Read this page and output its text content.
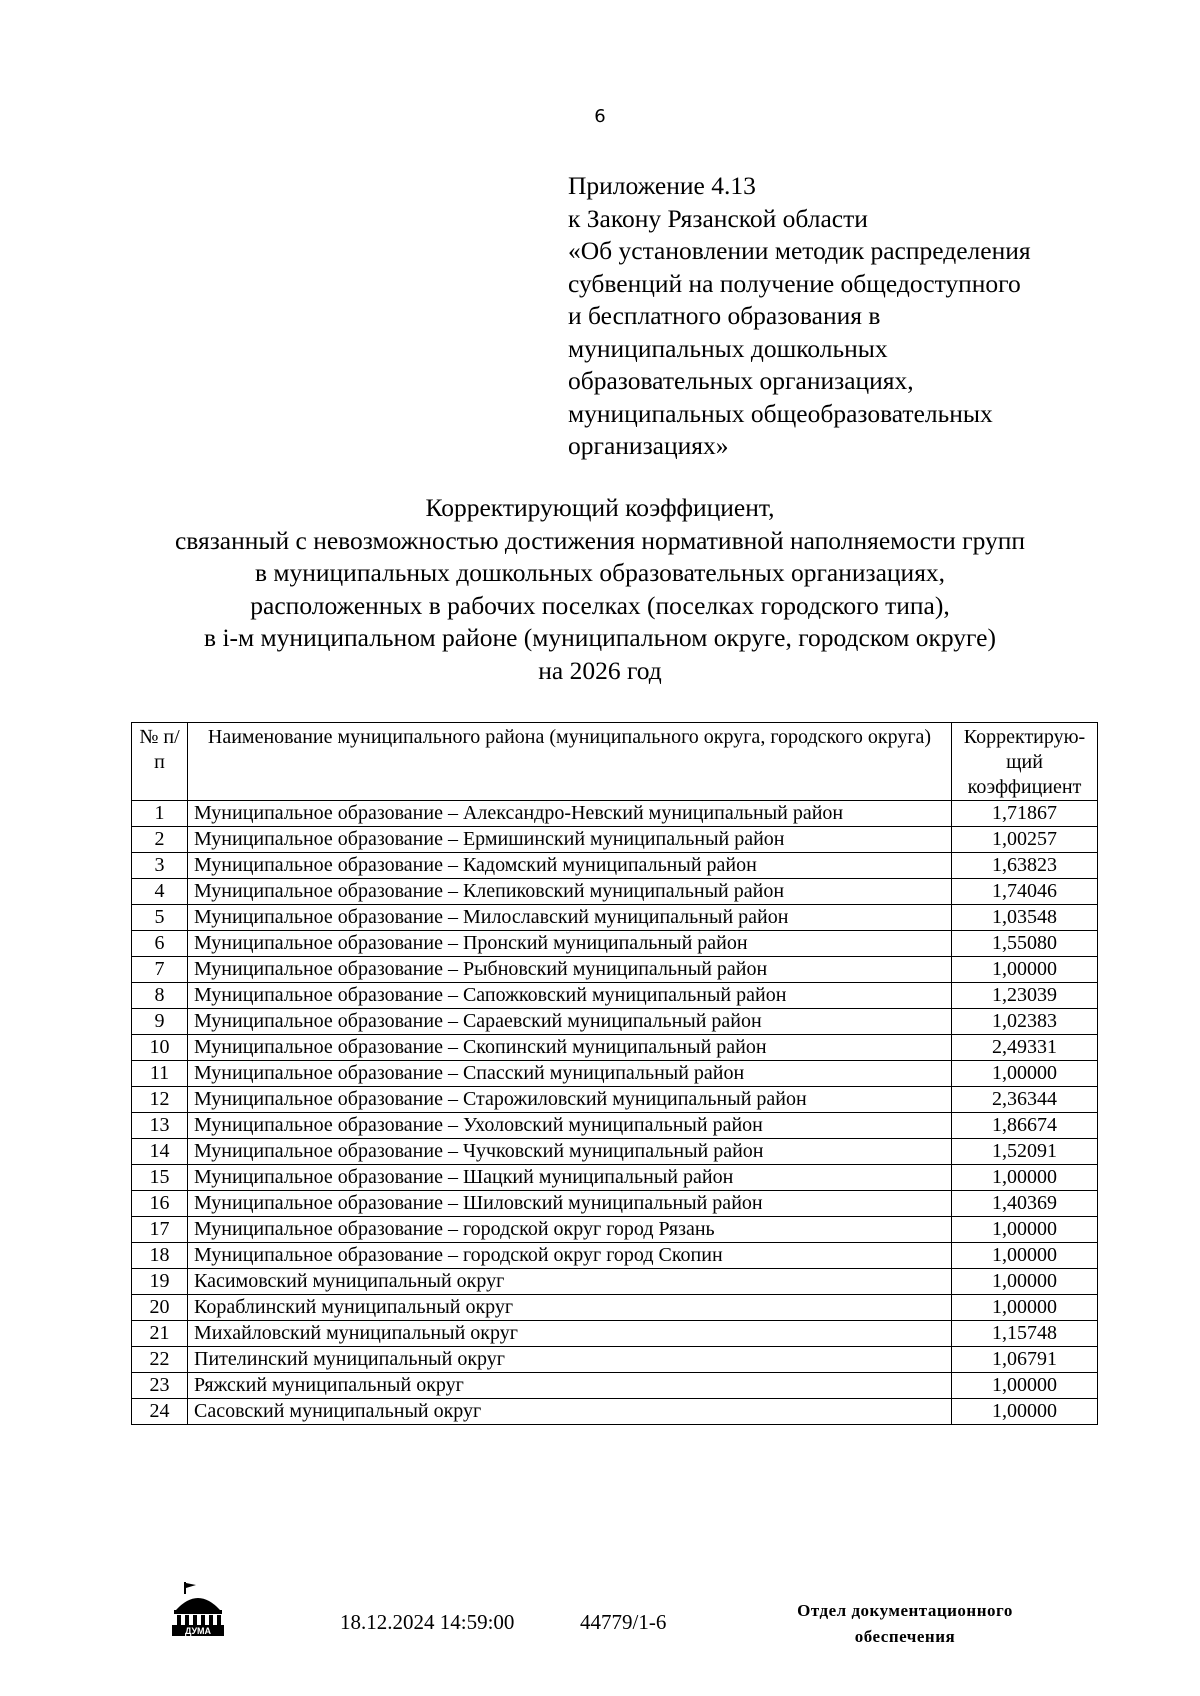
6
Приложение 4.13
к Закону Рязанской области
«Об установлении методик распределения
субвенций на получение общедоступного
и бесплатного образования в
муниципальных дошкольных
образовательных организациях,
муниципальных общеобразовательных
организациях»
Корректирующий коэффициент,
связанный с невозможностью достижения нормативной наполняемости групп
в муниципальных дошкольных образовательных организациях,
расположенных в рабочих поселках (поселках городского типа),
в i-м муниципальном районе (муниципальном округе, городском округе)
на 2026 год
№ п/п	Наименование муниципального района (муниципального округа, городского округа)	Корректирую-щий коэффициент
1	Муниципальное образование – Александро-Невский муниципальный район	1,71867
2	Муниципальное образование – Ермишинский муниципальный район	1,00257
3	Муниципальное образование – Кадомский муниципальный район	1,63823
4	Муниципальное образование – Клепиковский муниципальный район	1,74046
5	Муниципальное образование – Милославский муниципальный район	1,03548
6	Муниципальное образование – Пронский муниципальный район	1,55080
7	Муниципальное образование – Рыбновский муниципальный район	1,00000
8	Муниципальное образование – Сапожковский муниципальный район	1,23039
9	Муниципальное образование – Сараевский муниципальный район	1,02383
10	Муниципальное образование – Скопинский муниципальный район	2,49331
11	Муниципальное образование – Спасский муниципальный район	1,00000
12	Муниципальное образование – Старожиловский муниципальный район	2,36344
13	Муниципальное образование – Ухоловский муниципальный район	1,86674
14	Муниципальное образование – Чучковский муниципальный район	1,52091
15	Муниципальное образование – Шацкий муниципальный район	1,00000
16	Муниципальное образование – Шиловский муниципальный район	1,40369
17	Муниципальное образование – городской округ город Рязань	1,00000
18	Муниципальное образование – городской округ город Скопин	1,00000
19	Касимовский муниципальный округ	1,00000
20	Кораблинский муниципальный округ	1,00000
21	Михайловский муниципальный округ	1,15748
22	Пителинский муниципальный округ	1,06791
23	Ряжский муниципальный округ	1,00000
24	Сасовский муниципальный округ	1,00000
ДУМА	18.12.2024 14:59:00	44779/1-6	Отдел документационного
обеспечения
